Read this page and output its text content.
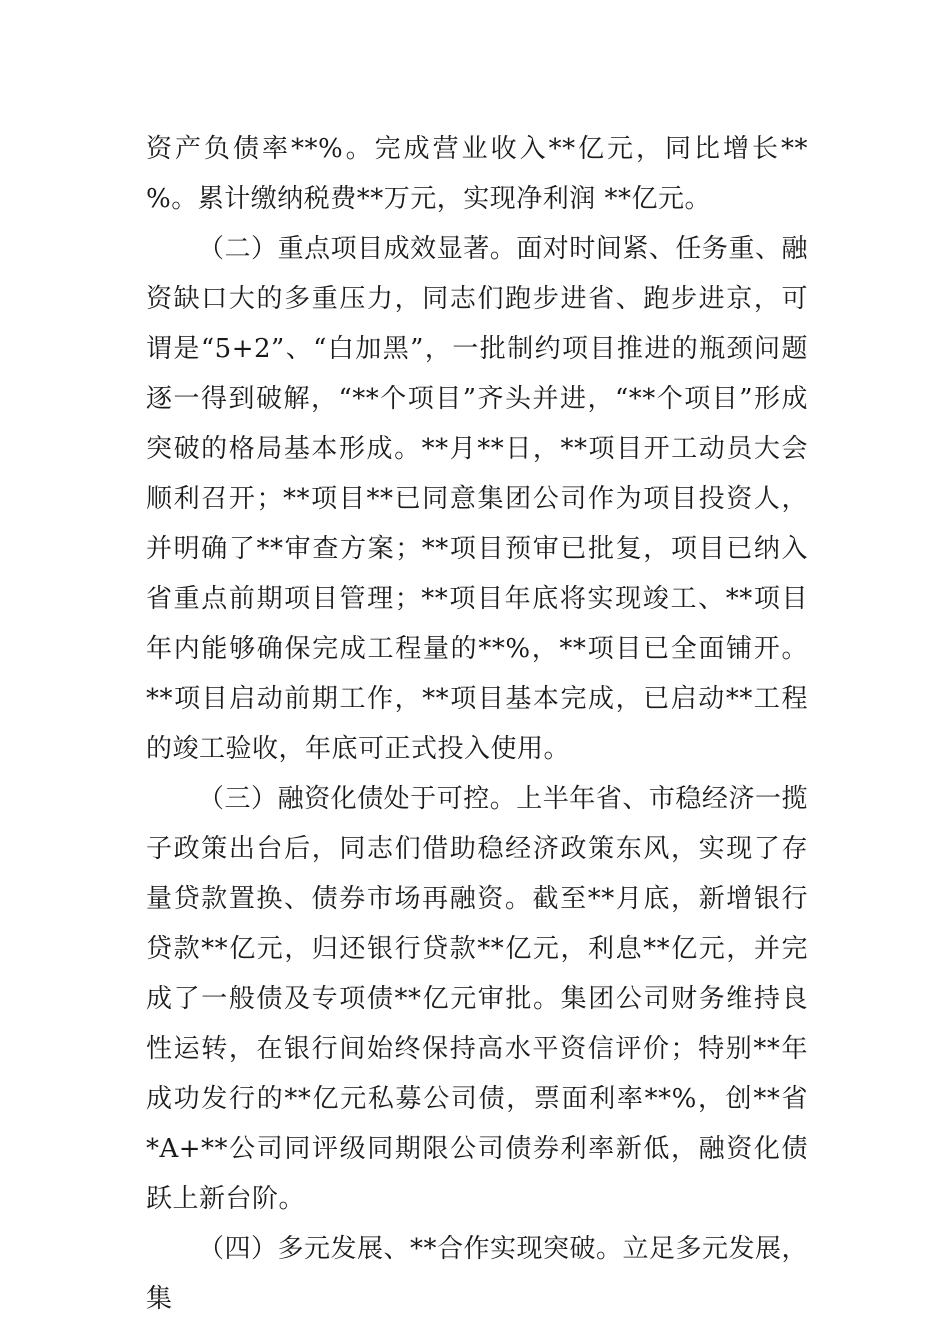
资产负债率**%。完成营业收入**亿元，同比增长** %。累计缴纳税费**万元，实现净利润 **亿元。

（二）重点项目成效显著。面对时间紧、任务重、融资缺口大的多重压力，同志们跑步进省、跑步进京，可谓是“5+2”、“白加黑”，一批制约项目推进的瓶颈问题逐一得到破解，“**个项目”齐头并进，“**个项目”形成突破的格局基本形成。**月**日，**项目开工动员大会顺利召开；**项目**已同意集团公司作为项目投资人，并明确了**审查方案；**项目预审已批复，项目已纳入省重点前期项目管理；**项目年底将实现竣工、**项目年内能够确保完成工程量的**%，**项目已全面铺开。**项目启动前期工作，**项目基本完成，已启动**工程的竣工验收，年底可正式投入使用。

（三）融资化债处于可控。上半年省、市稳经济一揽子政策出台后，同志们借助稳经济政策东风，实现了存量贷款置换、债券市场再融资。截至**月底，新增银行贷款**亿元，归还银行贷款**亿元，利息**亿元，并完成了一般债及专项债**亿元审批。集团公司财务维持良性运转，在银行间始终保持高水平资信评价；特别**年成功发行的**亿元私募公司债，票面利率**%，创**省*A+**公司同评级同期限公司债券利率新低，融资化债跃上新台阶。

（四）多元发展、**合作实现突破。立足多元发展，集
